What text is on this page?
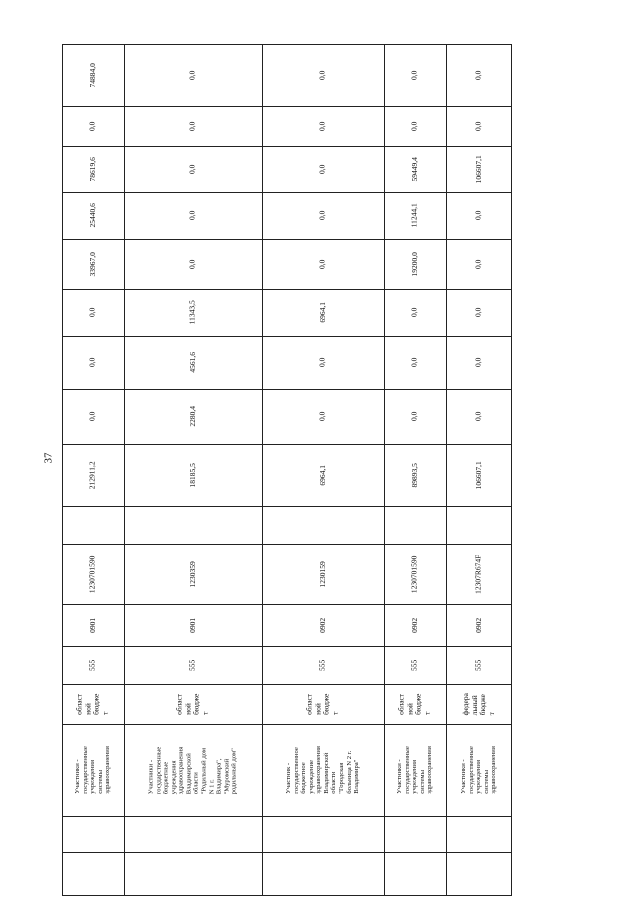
37
74884,0
0,0
78619,6
25440,6
33967,0
0,0
0,0
0,0
212911,2
1230701590
0901
555
област
ной
бюдже
т
Участники -
государственные
учреждения
системы
здравоохранения
0,0
0,0
0,0
0,0
0,0
11343,5
4561,6
2280,4
18185,5
1230359
0901
555
област
ной
бюдже
т
Участники -
государственные
бюджетные
учреждения
здравоохранения
Владимирской
области
"Родильный дом
N 1 г.
Владимира",
"Муромский
родильный дом"
0,0
0,0
0,0
0,0
0,0
6964,1
0,0
0,0
6964,1
1230159
0902
555
област
ной
бюдже
т
Участник -
государственное
бюджетное
учреждение
здравоохранения
Владимирской
области
"Городская
больница N 2 г.
Владимира"
0,0
0,0
59449,4
11244,1
19200,0
0,0
0,0
0,0
89893,5
1230701590
0902
555
област
ной
бюдже
т
Участники -
государственные
учреждения
системы
здравоохранения
0,0
0,0
106607,1
0,0
0,0
0,0
0,0
0,0
106607,1
12307R674F
0902
555
федера
льный
бюдже
т
Участники -
государственные
учреждения
системы
здравоохранения
